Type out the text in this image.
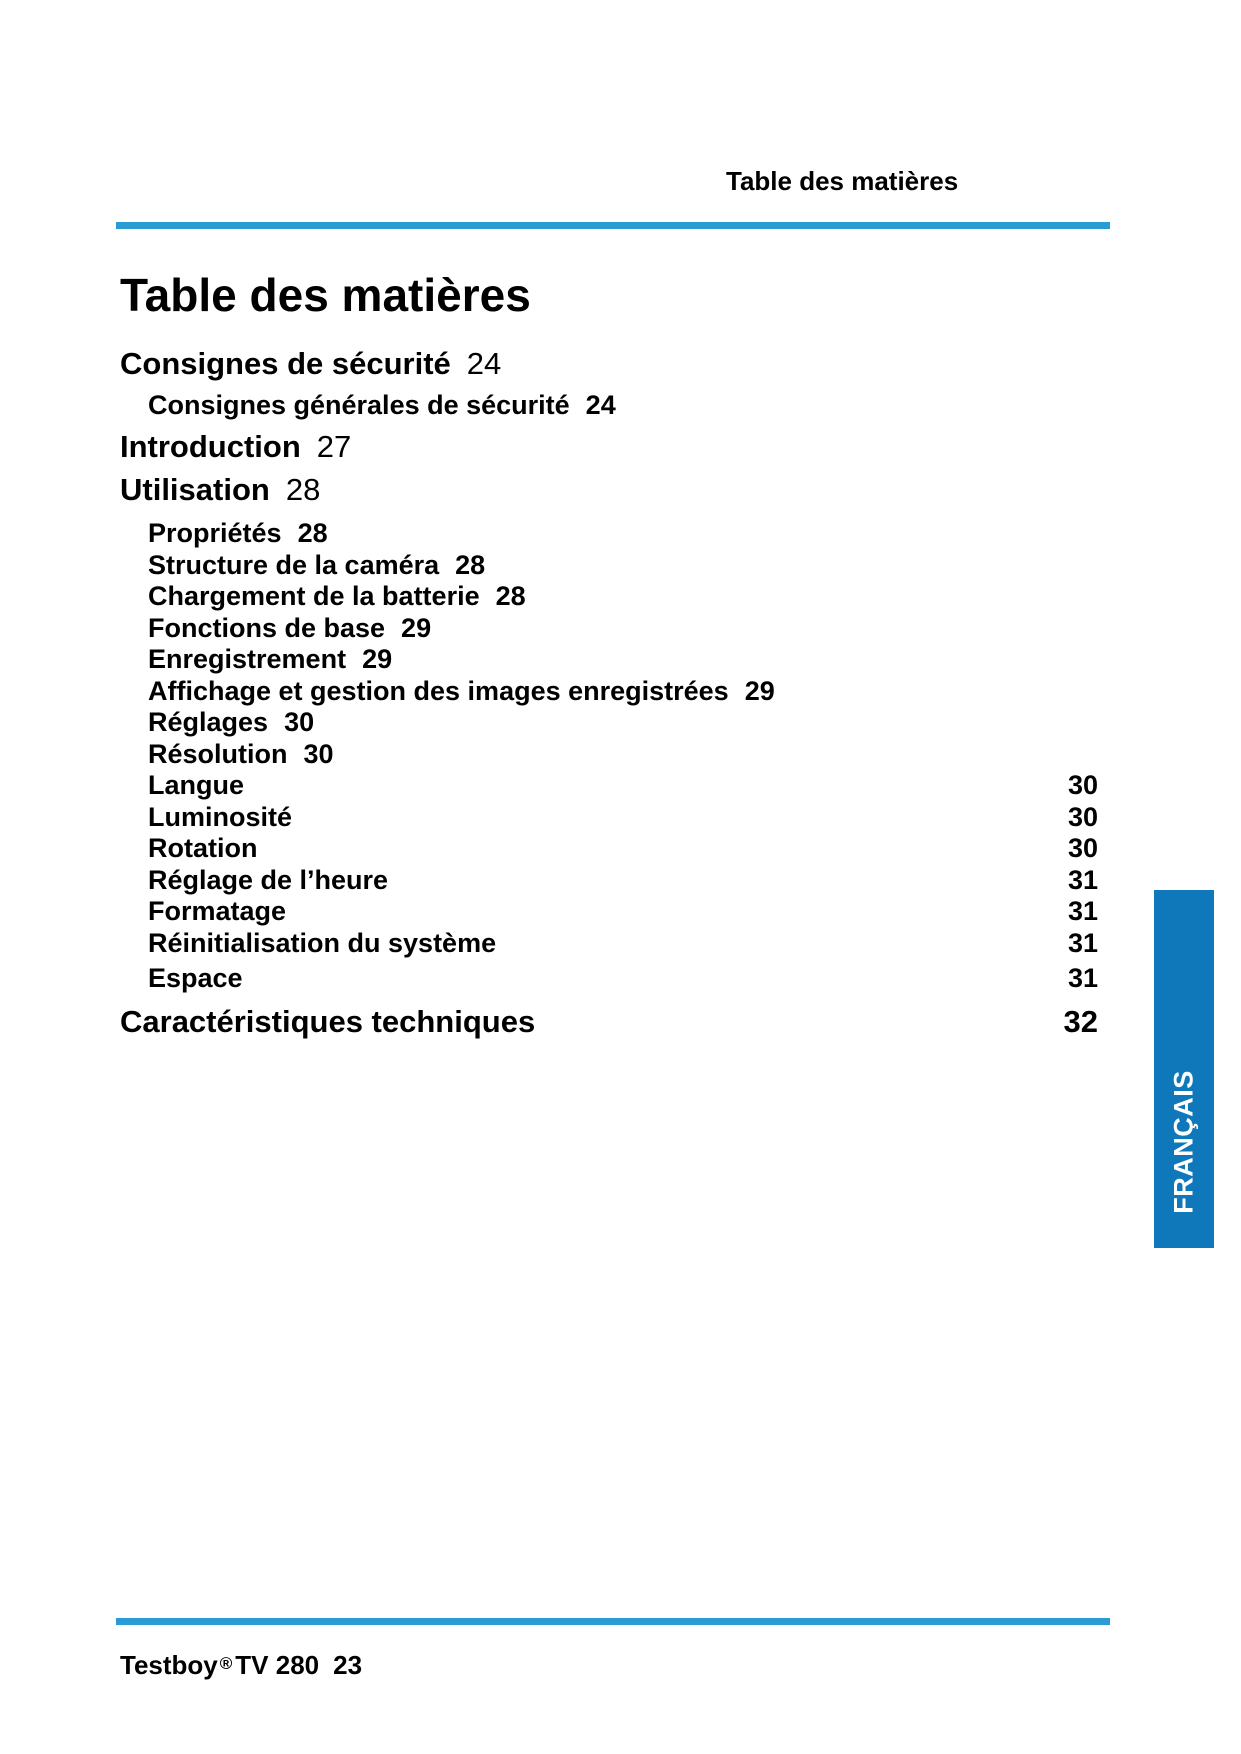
Table des matières
Table des matières
Consignes de sécurité 24
Consignes générales de sécurité 24
Introduction 27
Utilisation 28
Propriétés 28
Structure de la caméra 28
Chargement de la batterie 28
Fonctions de base 29
Enregistrement 29
Affichage et gestion des images enregistrées 29
Réglages 30
Résolution 30
Langue	30
Luminosité	30
Rotation	30
Réglage de l’heure	31
Formatage	31
Réinitialisation du système	31
Espace	31
Caractéristiques techniques	32
FRANÇAIS
Testboy ® TV 280 23
